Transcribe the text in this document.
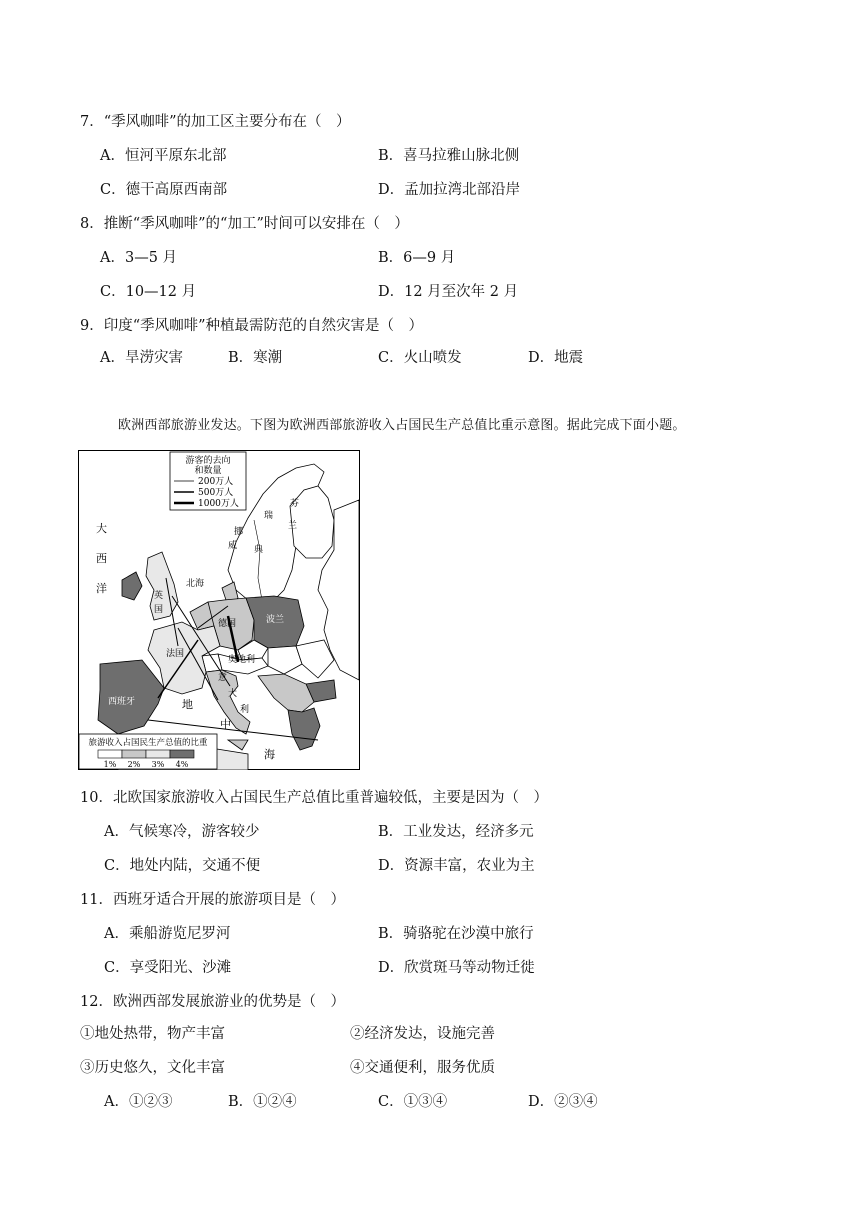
7．“季风咖啡”的加工区主要分布在（　）
A．恒河平原东北部	B．喜马拉雅山脉北侧
C．德干高原西南部	D．孟加拉湾北部沿岸
8．推断“季风咖啡”的“加工”时间可以安排在（　）
A．3—5 月	B．6—9 月
C．10—12 月	D．12 月至次年 2 月
9．印度“季风咖啡”种植最需防范的自然灾害是（　）
A．旱涝灾害	B．寒潮	C．火山喷发	D．地震
欧洲西部旅游业发达。下图为欧洲西部旅游收入占国民生产总值比重示意图。据此完成下面小题。
游客的去向
和数量
200万人
500万人
1000万人
旅游收入占国民生产总值的比重
1% 2% 3% 4%
大
西
洋	北海
英
国
瑞
典
挪
威
芬
兰
德国	波兰
法国
奥地利
西班牙
意
大
利
地
中
海
10．北欧国家旅游收入占国民生产总值比重普遍较低，主要是因为（　）
A．气候寒冷，游客较少	B．工业发达，经济多元
C．地处内陆，交通不便	D．资源丰富，农业为主
11．西班牙适合开展的旅游项目是（　）
A．乘船游览尼罗河	B．骑骆驼在沙漠中旅行
C．享受阳光、沙滩	D．欣赏斑马等动物迁徙
12．欧洲西部发展旅游业的优势是（　）
①地处热带，物产丰富	②经济发达，设施完善
③历史悠久，文化丰富	④交通便利，服务优质
A．①②③	B．①②④	C．①③④	D．②③④
